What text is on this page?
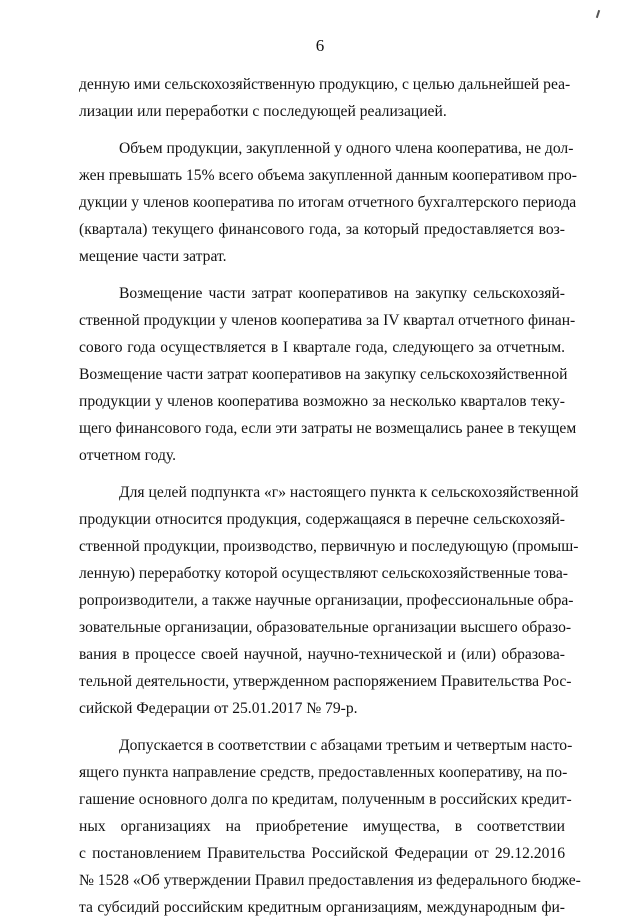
6
денную ими сельскохозяйственную продукцию, с целью дальнейшей реа-
лизации или переработки с последующей реализацией.
Объем продукции, закупленной у одного члена кооператива, не дол-
жен превышать 15% всего объема закупленной данным кооперативом про-
дукции у членов кооператива по итогам отчетного бухгалтерского периода
(квартала) текущего финансового года, за который предоставляется воз-
мещение части затрат.
Возмещение части затрат кооперативов на закупку сельскохозяй-
ственной продукции у членов кооператива за IV квартал отчетного финан-
сового года осуществляется в I квартале года, следующего за отчетным.
Возмещение части затрат кооперативов на закупку сельскохозяйственной
продукции у членов кооператива возможно за несколько кварталов теку-
щего финансового года, если эти затраты не возмещались ранее в текущем
отчетном году.
Для целей подпункта «г» настоящего пункта к сельскохозяйственной
продукции относится продукция, содержащаяся в перечне сельскохозяй-
ственной продукции, производство, первичную и последующую (промыш-
ленную) переработку которой осуществляют сельскохозяйственные това-
ропроизводители, а также научные организации, профессиональные обра-
зовательные организации, образовательные организации высшего образо-
вания в процессе своей научной, научно-технической и (или) образова-
тельной деятельности, утвержденном распоряжением Правительства Рос-
сийской Федерации от 25.01.2017 № 79-р.
Допускается в соответствии с абзацами третьим и четвертым насто-
ящего пункта направление средств, предоставленных кооперативу, на по-
гашение основного долга по кредитам, полученным в российских кредит-
ных организациях на приобретение имущества, в соответствии
с постановлением Правительства Российской Федерации от 29.12.2016
№ 1528 «Об утверждении Правил предоставления из федерального бюдже-
та субсидий российским кредитным организациям, международным фи-
